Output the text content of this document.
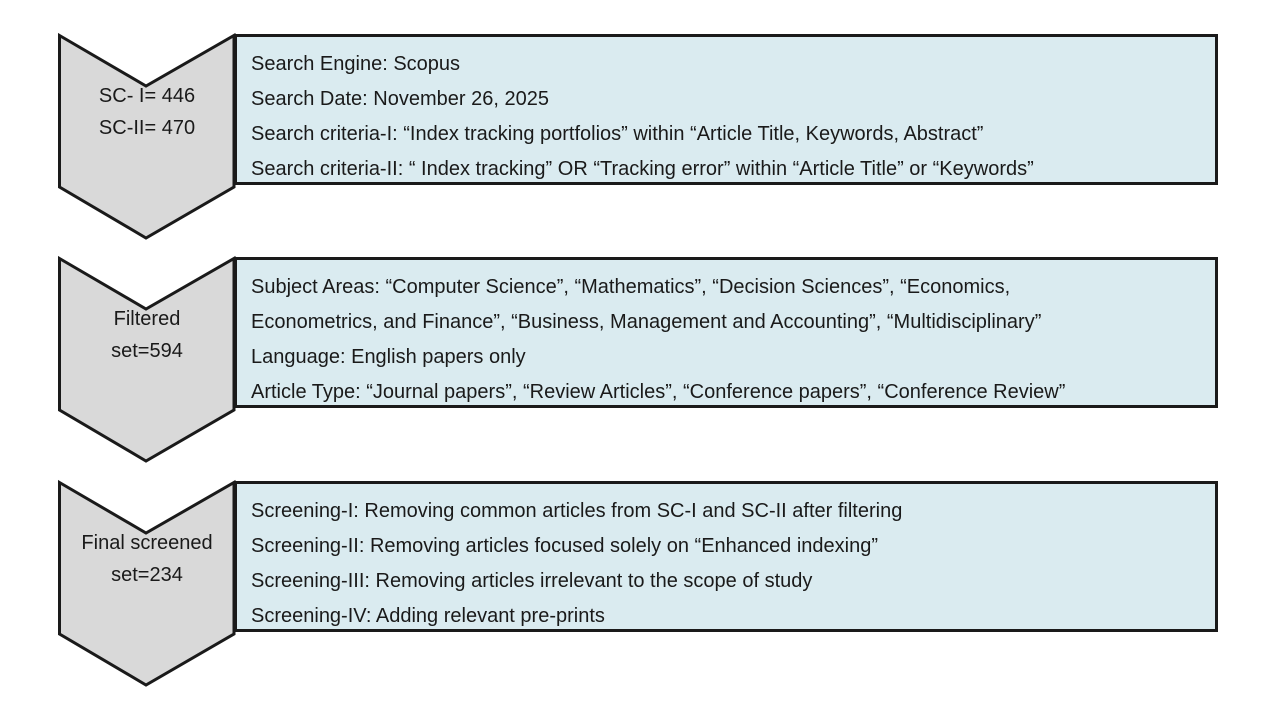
SC- I= 446
SC-II= 470
Search Engine: Scopus
Search Date: November 26, 2025
Search criteria-I: “Index tracking portfolios” within “Article Title, Keywords, Abstract”
Search criteria-II: “ Index tracking” OR “Tracking error” within “Article Title” or “Keywords”
Filtered
set=594
Subject Areas: “Computer Science”, “Mathematics”, “Decision Sciences”, “Economics,
Econometrics, and Finance”, “Business, Management and Accounting”, “Multidisciplinary”
Language: English papers only
Article Type: “Journal papers”, “Review Articles”, “Conference papers”, “Conference Review”
Final screened
set=234
Screening-I: Removing common articles from SC-I and SC-II after filtering
Screening-II: Removing articles focused solely on “Enhanced indexing”
Screening-III: Removing articles irrelevant to the scope of study
Screening-IV: Adding relevant pre-prints
